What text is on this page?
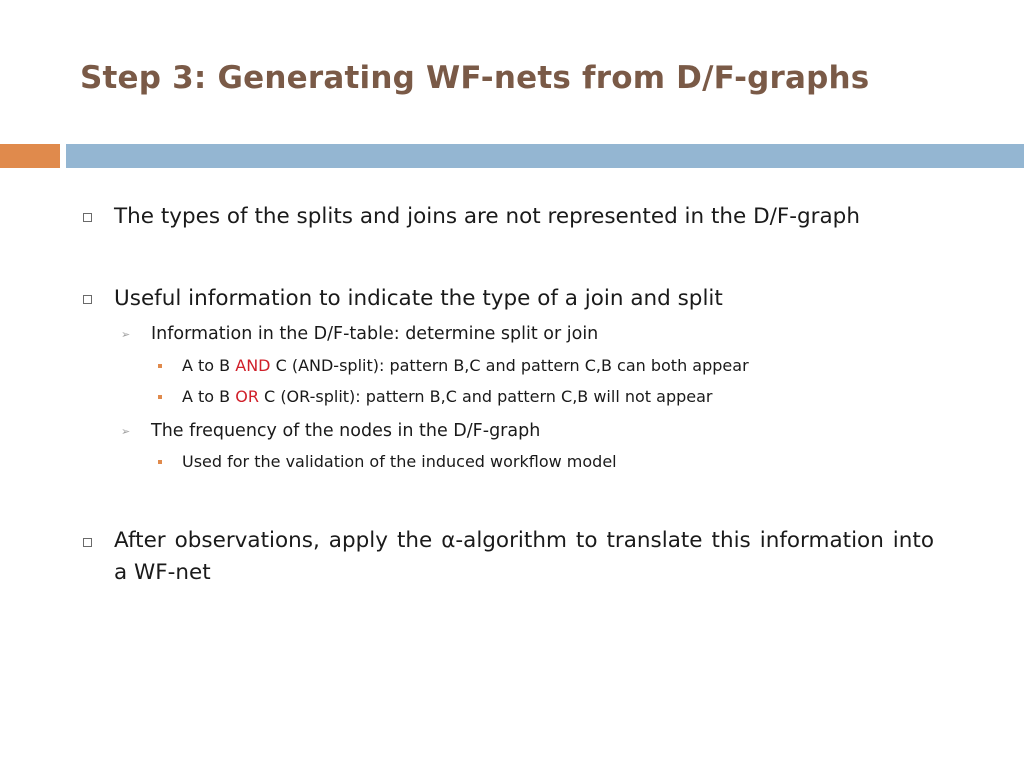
Step 3: Generating WF-nets from D/F-graphs
The types of the splits and joins are not represented in the D/F-graph
Useful information to indicate the type of a join and split
➢ Information in the D/F-table: determine split or join
A to B AND C (AND-split): pattern B,C and pattern C,B can both appear
A to B OR C (OR-split): pattern B,C and pattern C,B will not appear
➢ The frequency of the nodes in the D/F-graph
Used for the validation of the induced workflow model
After observations, apply the α-algorithm to translate this information into a WF-net
